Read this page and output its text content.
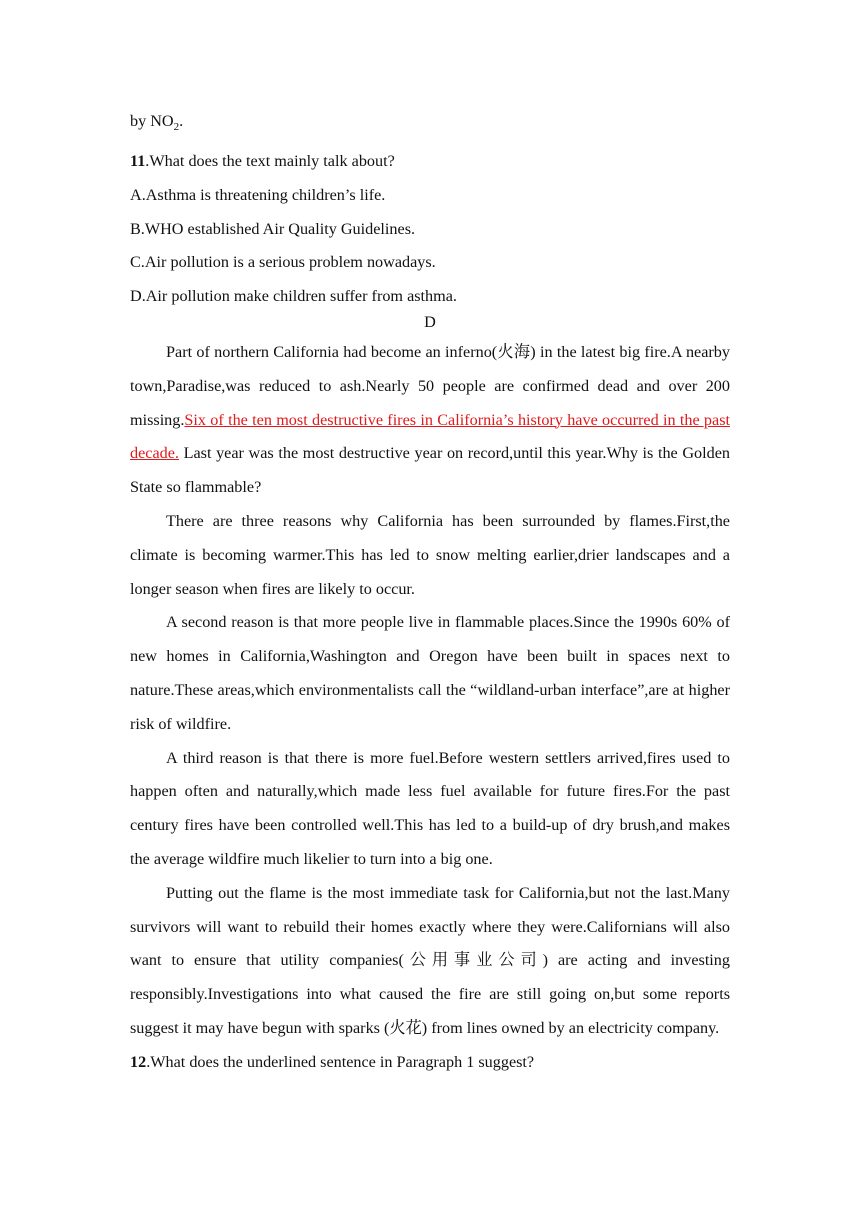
by $NO_2$.

11.What does the text mainly talk about?

A.Asthma is threatening children’s life.

B.WHO established Air Quality Guidelines.

C.Air pollution is a serious problem nowadays.

D.Air pollution make children suffer from asthma.

D

Part of northern California had become an inferno(火海) in the latest big fire.A nearby town,Paradise,was reduced to ash.Nearly 50 people are confirmed dead and over 200 missing.Six of the ten most destructive fires in California’s history have occurred in the past decade. Last year was the most destructive year on record,until this year.Why is the Golden State so flammable?

There are three reasons why California has been surrounded by flames.First,the climate is becoming warmer.This has led to snow melting earlier,drier landscapes and a longer season when fires are likely to occur.

A second reason is that more people live in flammable places.Since the 1990s 60% of new homes in California,Washington and Oregon have been built in spaces next to nature.These areas,which environmentalists call the “wildland-urban interface”,are at higher risk of wildfire.

A third reason is that there is more fuel.Before western settlers arrived,fires used to happen often and naturally,which made less fuel available for future fires.For the past century fires have been controlled well.This has led to a build-up of dry brush,and makes the average wildfire much likelier to turn into a big one.

Putting out the flame is the most immediate task for California,but not the last.Many survivors will want to rebuild their homes exactly where they were.Californians will also want to ensure that utility companies(公用事业公司) are acting and investing responsibly.Investigations into what caused the fire are still going on,but some reports suggest it may have begun with sparks (火花) from lines owned by an electricity company.

12.What does the underlined sentence in Paragraph 1 suggest?
